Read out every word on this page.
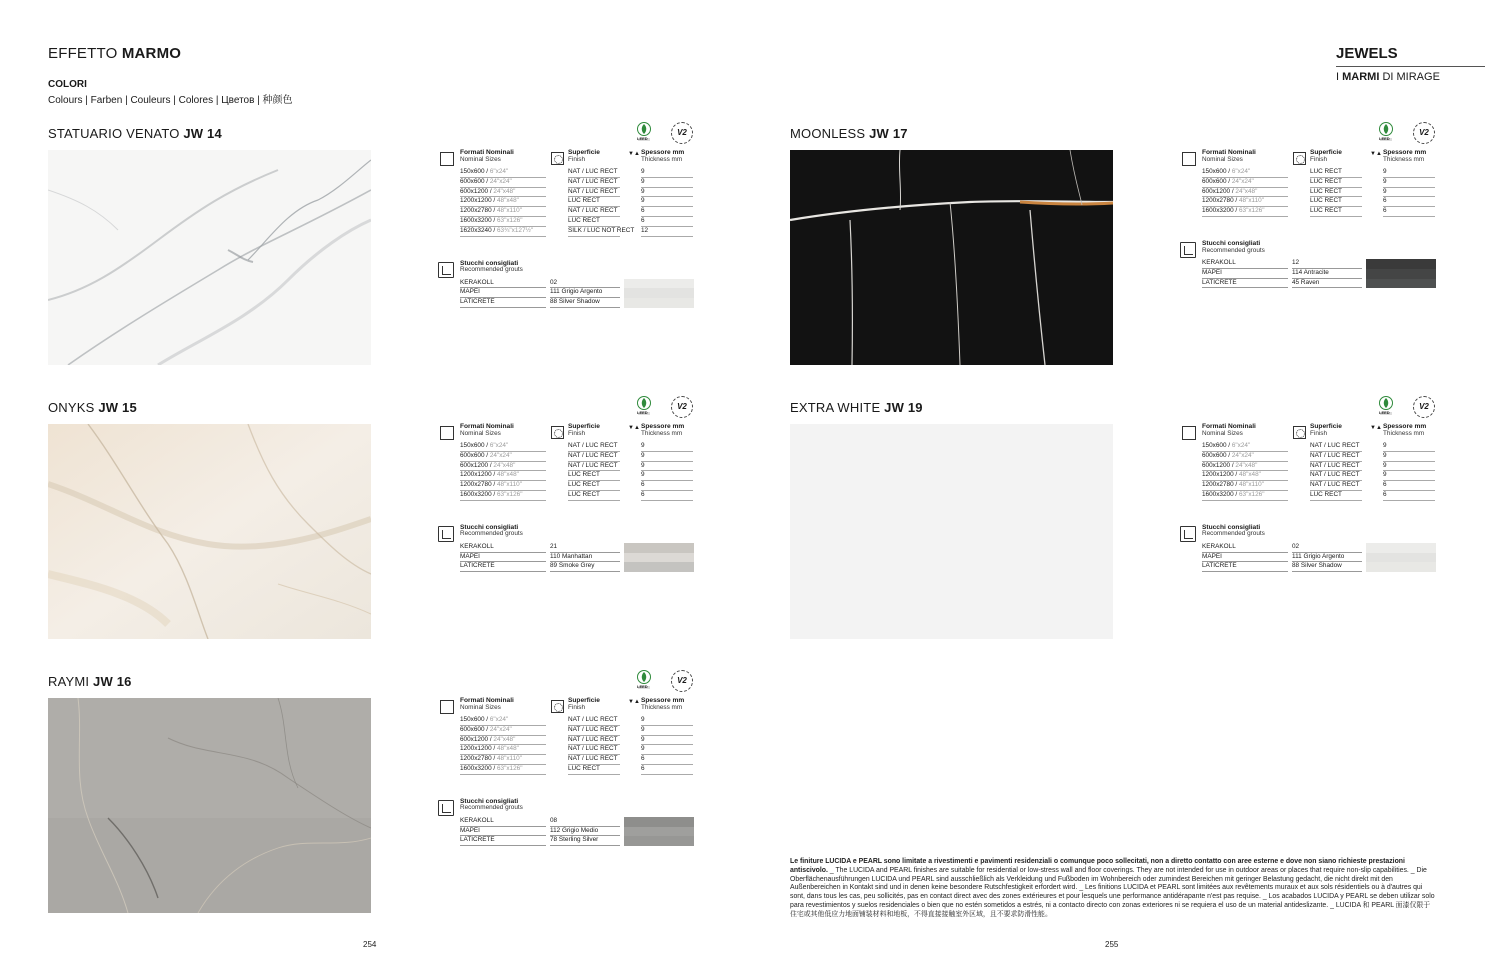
EFFETTO MARMO
COLORI
Colours | Farben | Couleurs | Colores | Цветов | 种颜色
JEWELS
I MARMI DI MIRAGE
STATUARIO VENATO JW 14	LEED
V2
Formati Nominali
Nominal Sizes
Superficie
Finish
▼▲ Spessore mm
Thickness mm
150x600 / 6"x24"	NAT / LUC RECT	9
600x600 / 24"x24"	NAT / LUC RECT	9
600x1200 / 24"x48"	NAT / LUC RECT	9
1200x1200 / 48"x48"	LUC RECT	9
1200x2780 / 48"x110"	NAT / LUC RECT	6
1600x3200 / 63"x126"	LUC RECT	6
1620x3240 / 63¾"x127½"	SILK / LUC NOT RECT 12
Stucchi consigliati
Recommended grouts
KERAKOLL	02
MAPEI	111 Grigio Argento
LATICRETE	88 Silver Shadow
ONYKS JW 15	LEED
V2
Formati Nominali
Nominal Sizes
Superficie
Finish
▼▲ Spessore mm
Thickness mm
150x600 / 6"x24"	NAT / LUC RECT	9
600x600 / 24"x24"	NAT / LUC RECT	9
600x1200 / 24"x48"	NAT / LUC RECT	9
1200x1200 / 48"x48"	LUC RECT	9
1200x2780 / 48"x110"	LUC RECT	6
1600x3200 / 63"x126"	LUC RECT	6
Stucchi consigliati
Recommended grouts
KERAKOLL	21
MAPEI	110 Manhattan
LATICRETE	89 Smoke Grey
RAYMI JW 16	LEED
V2
Formati Nominali
Nominal Sizes
Superficie
Finish
▼▲ Spessore mm
Thickness mm
150x600 / 6"x24"	NAT / LUC RECT	9
600x600 / 24"x24"	NAT / LUC RECT	9
600x1200 / 24"x48"	NAT / LUC RECT	9
1200x1200 / 48"x48"	NAT / LUC RECT	9
1200x2780 / 48"x110"	NAT / LUC RECT	6
1600x3200 / 63"x126"	LUC RECT	6
Stucchi consigliati
Recommended grouts
KERAKOLL	08
MAPEI	112 Grigio Medio
LATICRETE	78 Sterling Silver
MOONLESS JW 17	LEED
V2
Formati Nominali
Nominal Sizes
Superficie
Finish
▼▲ Spessore mm
Thickness mm
150x600 / 6"x24"	LUC RECT	9
600x600 / 24"x24"	LUC RECT	9
600x1200 / 24"x48"	LUC RECT	9
1200x2780 / 48"x110"	LUC RECT	6
1600x3200 / 63"x126"	LUC RECT	6
Stucchi consigliati
Recommended grouts
KERAKOLL	12
MAPEI	114 Antracite
LATICRETE	45 Raven
EXTRA WHITE JW 19	LEED
V2
Formati Nominali
Nominal Sizes
Superficie
Finish
▼▲ Spessore mm
Thickness mm
150x600 / 6"x24"	NAT / LUC RECT	9
600x600 / 24"x24"	NAT / LUC RECT	9
600x1200 / 24"x48"	NAT / LUC RECT	9
1200x1200 / 48"x48"	NAT / LUC RECT	9
1200x2780 / 48"x110"	NAT / LUC RECT	6
1600x3200 / 63"x126"	LUC RECT	6
Stucchi consigliati
Recommended grouts
KERAKOLL	02
MAPEI	111 Grigio Argento
LATICRETE	88 Silver Shadow
Le finiture LUCIDA e PEARL sono limitate a rivestimenti e pavimenti residenziali o comunque poco sollecitati, non a diretto contatto con aree esterne e dove non siano richieste prestazioni antiscivolo. _ The LUCIDA and PEARL finishes are suitable for residential or low-stress wall and floor coverings. They are not intended for use in outdoor areas or places that require non-slip capabilities. _ Die Oberflächenausführungen LUCIDA und PEARL sind ausschließlich als Verkleidung und Fußboden im Wohnbereich oder zumindest Bereichen mit geringer Belastung gedacht, die nicht direkt mit den Außenbereichen in Kontakt sind und in denen keine besondere Rutschfestigkeit erfordert wird. _ Les finitions LUCIDA et PEARL sont limitées aux revêtements muraux et aux sols résidentiels ou à d'autres qui sont, dans tous les cas, peu sollicités, pas en contact direct avec des zones extérieures et pour lesquels une performance antidérapante n'est pas requise. _ Los acabados LUCIDA y PEARL se deben utilizar solo para revestimientos y suelos residenciales o bien que no estén sometidos a estrés, ni a contacto directo con zonas exteriores ni se requiera el uso de un material antideslizante. _ LUCIDA 和 PEARL 面漆仅限于住宅或其他低应力地面铺装材料和地板，不得直接接触室外区域，且不要求防滑性能。
254	255
